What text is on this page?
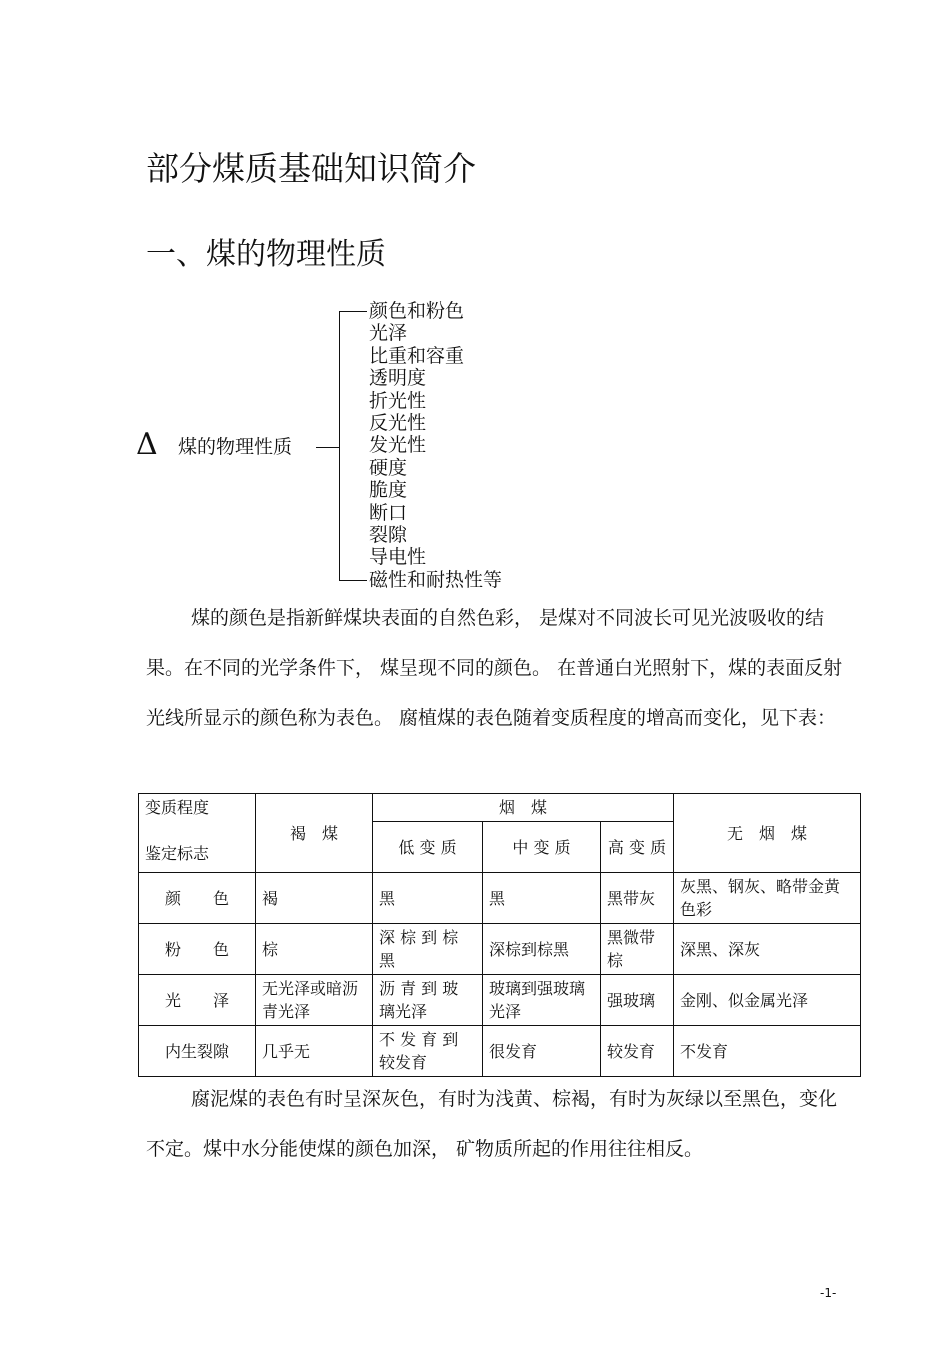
部分煤质基础知识简介
一、煤的物理性质
Δ 煤的物理性质
颜色和粉色
光泽
比重和容重
透明度
折光性
反光性
发光性
硬度
脆度
断口
裂隙
导电性
磁性和耐热性等
煤的颜色是指新鲜煤块表面的自然色彩， 是煤对不同波长可见光波吸收的结果。在不同的光学条件下， 煤呈现不同的颜色。 在普通白光照射下，煤的表面反射光线所显示的颜色称为表色。 腐植煤的表色随着变质程度的增高而变化，见下表：
变质程度
鉴定标志	褐　煤	烟　煤			无　烟　煤
		低 变 质	中 变 质	高 变 质	
颜　　色	褐	黑	黑	黑带灰	灰黑、钢灰、略带金黄色彩
粉　　色	棕	深 棕 到 棕 黑	深棕到棕黑	黑微带棕	深黑、深灰
光　　泽	无光泽或暗沥青光泽	沥 青 到 玻 璃光泽	玻璃到强玻璃光泽	强玻璃	金刚、似金属光泽
内生裂隙	几乎无	不 发 育 到 较发育	很发育	较发育	不发育
腐泥煤的表色有时呈深灰色，有时为浅黄、棕褐，有时为灰绿以至黑色，变化不定。煤中水分能使煤的颜色加深， 矿物质所起的作用往往相反。
-1-
